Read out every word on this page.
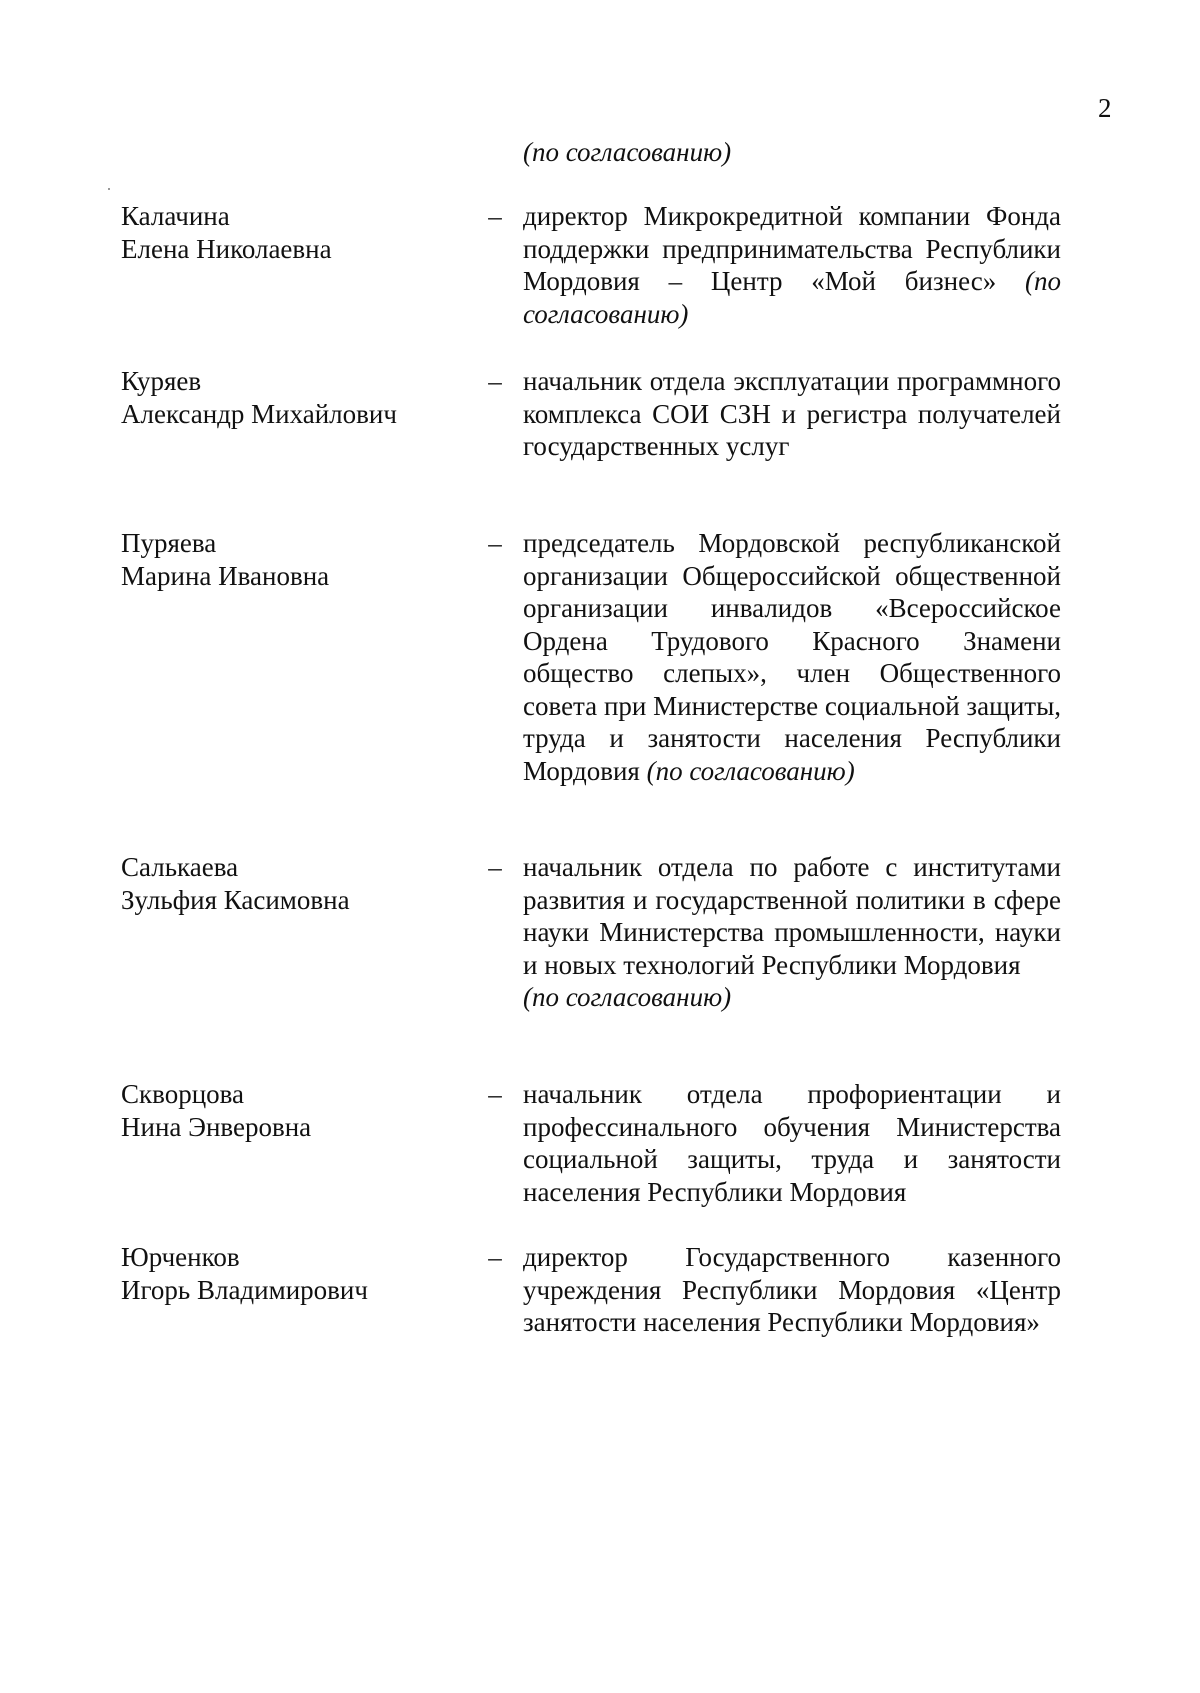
2
(по согласованию)
Калачина
Елена Николаевна
– директор Микрокредитной компании Фонда поддержки предпринимательства Республики Мордовия – Центр «Мой бизнес» (по согласованию)
Куряев
Александр Михайлович
– начальник отдела эксплуатации программного комплекса СОИ СЗН и регистра получателей государственных услуг
Пуряева
Марина Ивановна
– председатель Мордовской республиканской организации Общероссийской общественной организации инвалидов «Всероссийское Ордена Трудового Красного Знамени общество слепых», член Общественного совета при Министерстве социальной защиты, труда и занятости населения Республики Мордовия (по согласованию)
Салькаева
Зульфия Касимовна
– начальник отдела по работе с институтами развития и государственной политики в сфере науки Министерства промышленности, науки и новых технологий Республики Мордовия
(по согласованию)
Скворцова
Нина Энверовна
– начальник отдела профориентации и профессинального обучения Министерства социальной защиты, труда и занятости населения Республики Мордовия
Юрченков
Игорь Владимирович
– директор Государственного казенного учреждения Республики Мордовия «Центр занятости населения Республики Мордовия»
